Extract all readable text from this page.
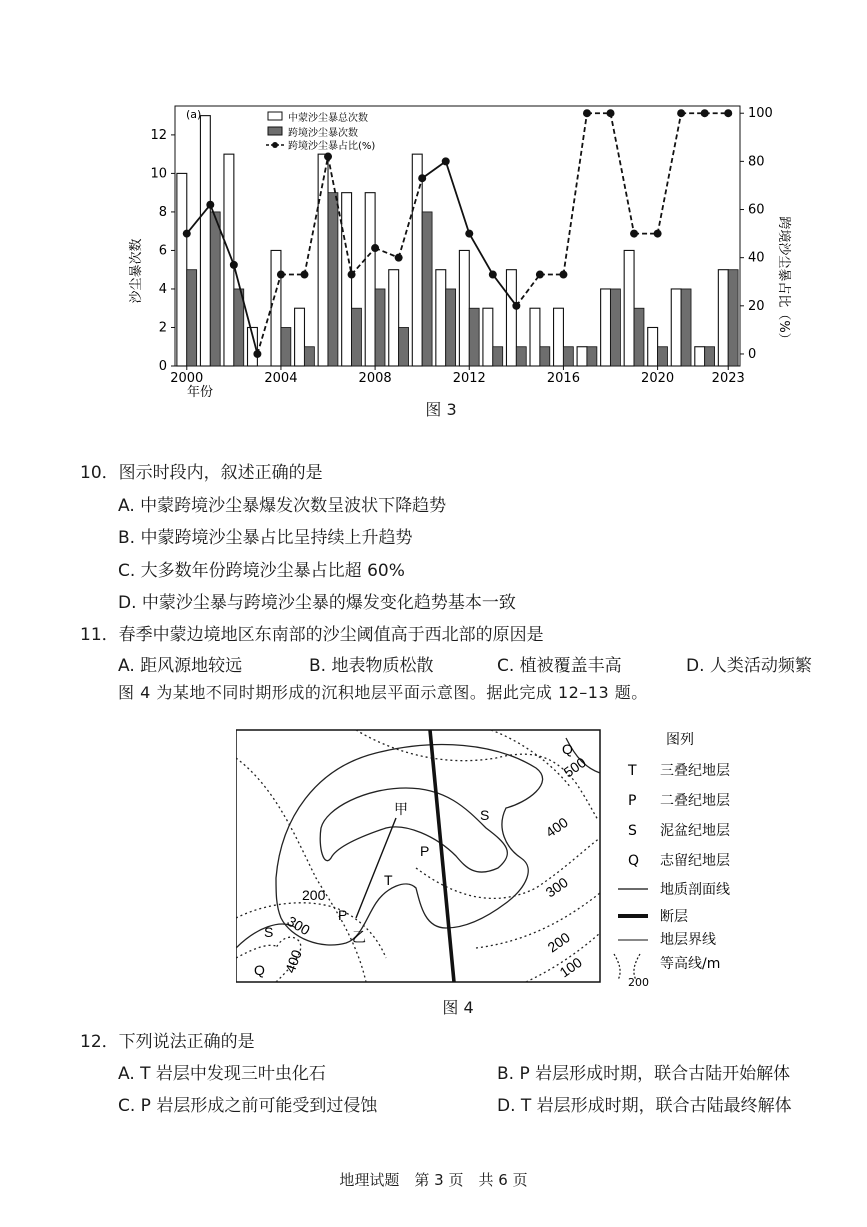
0
2
4
6
8
10
12
0
20
40
60
80
100
2000	2004	2008	2012	2016	2020	2023
中蒙沙尘暴总次数
跨境沙尘暴次数
跨境沙尘暴占比(%)
(a)
沙尘暴次数	跨境沙尘暴占比（%）
年份
图 3
10．图示时段内，叙述正确的是
A. 中蒙跨境沙尘暴爆发次数呈波状下降趋势
B. 中蒙跨境沙尘暴占比呈持续上升趋势
C. 大多数年份跨境沙尘暴占比超 60%
D. 中蒙沙尘暴与跨境沙尘暴的爆发变化趋势基本一致
11．春季中蒙边境地区东南部的沙尘阈值高于西北部的原因是
A. 距风源地较远	B. 地表物质松散	C. 植被覆盖丰高	D. 人类活动频繁
图 4 为某地不同时期形成的沉积地层平面示意图。据此完成 12–13 题。
甲
乙
Q
Q
S
S
P
P
T
500
400
300
200
100
200
300
400
图列
T 三叠纪地层
P 二叠纪地层
S 泥盆纪地层
Q 志留纪地层
地质剖面线
断层
地层界线
200
等高线/m
图 4
12．下列说法正确的是
A. T 岩层中发现三叶虫化石	B. P 岩层形成时期，联合古陆开始解体
C. P 岩层形成之前可能受到过侵蚀	D. T 岩层形成时期，联合古陆最终解体
地理试题　第 3 页　共 6 页
